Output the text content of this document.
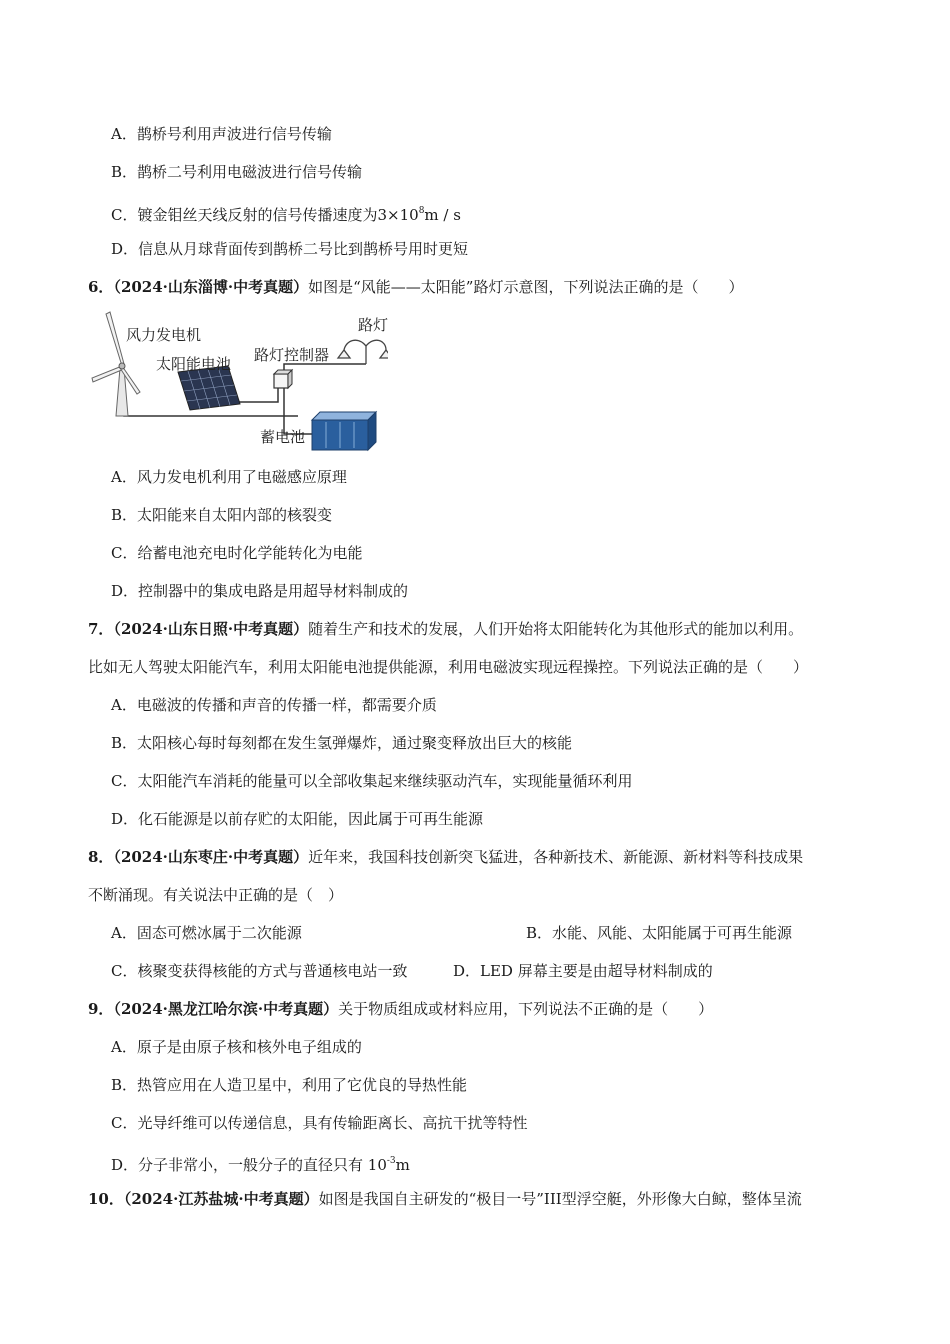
A．鹊桥号利用声波进行信号传输
B．鹊桥二号利用电磁波进行信号传输
C．镀金钼丝天线反射的信号传播速度为$3\times 10^8m / s$
D．信息从月球背面传到鹊桥二号比到鹊桥号用时更短
6．（2024·山东淄博·中考真题）如图是“风能——太阳能”路灯示意图，下列说法正确的是（　　）
风力发电机
太阳能电池 路灯控制器
路灯
蓄电池
A．风力发电机利用了电磁感应原理
B．太阳能来自太阳内部的核裂变
C．给蓄电池充电时化学能转化为电能
D．控制器中的集成电路是用超导材料制成的
7．（2024·山东日照·中考真题）随着生产和技术的发展，人们开始将太阳能转化为其他形式的能加以利用。
比如无人驾驶太阳能汽车，利用太阳能电池提供能源，利用电磁波实现远程操控。下列说法正确的是（　　）
A．电磁波的传播和声音的传播一样，都需要介质
B．太阳核心每时每刻都在发生氢弹爆炸，通过聚变释放出巨大的核能
C．太阳能汽车消耗的能量可以全部收集起来继续驱动汽车，实现能量循环利用
D．化石能源是以前存贮的太阳能，因此属于可再生能源
8．（2024·山东枣庄·中考真题）近年来，我国科技创新突飞猛进，各种新技术、新能源、新材料等科技成果
不断涌现。有关说法中正确的是（　）
A．固态可燃冰属于二次能源	B．水能、风能、太阳能属于可再生能源
C．核聚变获得核能的方式与普通核电站一致	D．LED 屏幕主要是由超导材料制成的
9．（2024·黑龙江哈尔滨·中考真题）关于物质组成或材料应用，下列说法不正确的是（　　）
A．原子是由原子核和核外电子组成的
B．热管应用在人造卫星中，利用了它优良的导热性能
C．光导纤维可以传递信息，具有传输距离长、高抗干扰等特性
D．分子非常小，一般分子的直径只有 $10^{-3}m$
10．（2024·江苏盐城·中考真题）如图是我国自主研发的“极目一号”III型浮空艇，外形像大白鲸，整体呈流
